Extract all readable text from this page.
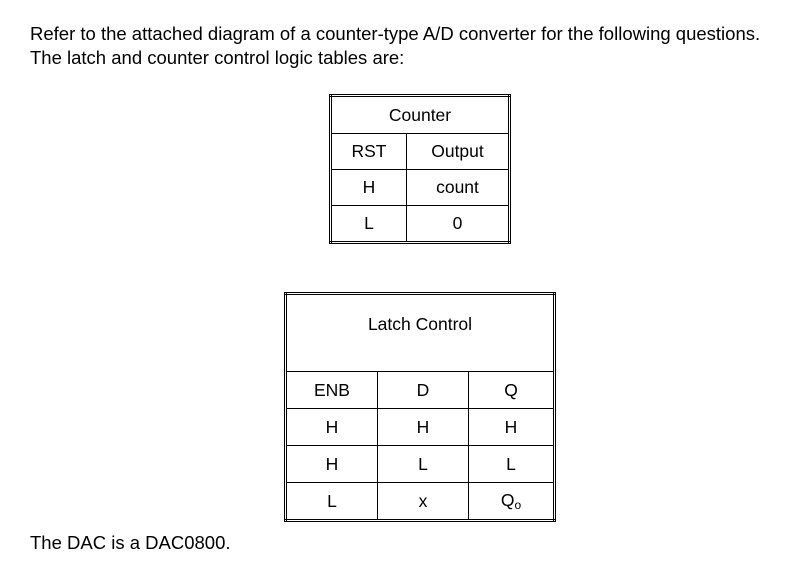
Refer to the attached diagram of a counter-type A/D converter for the following questions. The latch and counter control logic tables are:

Counter	
RST	Output
H	count
L	0
Latch Control		
ENB	D	Q
H	H	H
H	L	L
L	x	$Q_o$

The DAC is a DAC0800.
